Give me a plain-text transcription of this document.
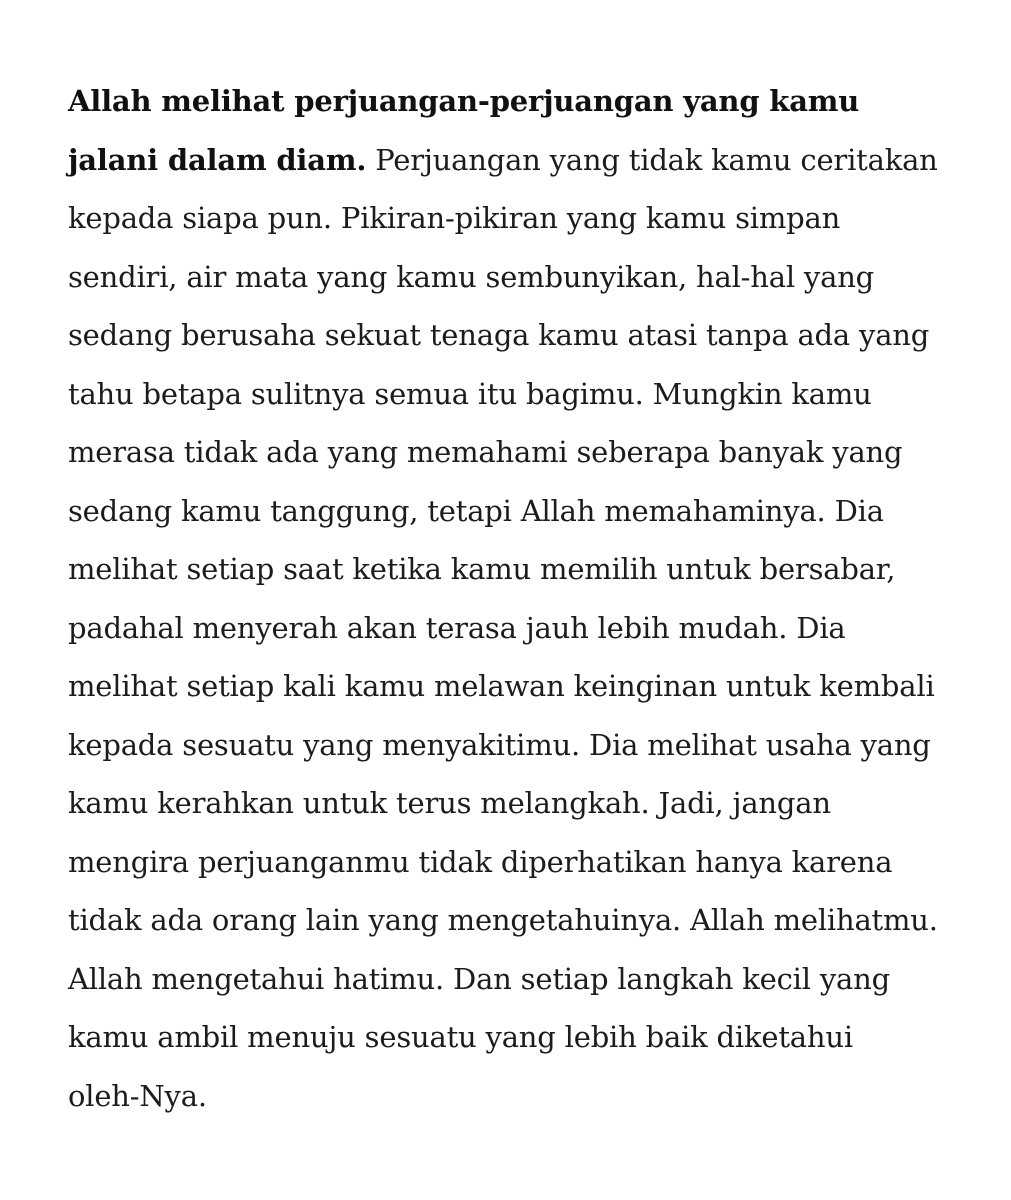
Allah melihat perjuangan-perjuangan yang kamu
jalani dalam diam. Perjuangan yang tidak kamu ceritakan
kepada siapa pun. Pikiran-pikiran yang kamu simpan
sendiri, air mata yang kamu sembunyikan, hal-hal yang
sedang berusaha sekuat tenaga kamu atasi tanpa ada yang
tahu betapa sulitnya semua itu bagimu. Mungkin kamu
merasa tidak ada yang memahami seberapa banyak yang
sedang kamu tanggung, tetapi Allah memahaminya. Dia
melihat setiap saat ketika kamu memilih untuk bersabar,
padahal menyerah akan terasa jauh lebih mudah. Dia
melihat setiap kali kamu melawan keinginan untuk kembali
kepada sesuatu yang menyakitimu. Dia melihat usaha yang
kamu kerahkan untuk terus melangkah. Jadi, jangan
mengira perjuanganmu tidak diperhatikan hanya karena
tidak ada orang lain yang mengetahuinya. Allah melihatmu.
Allah mengetahui hatimu. Dan setiap langkah kecil yang
kamu ambil menuju sesuatu yang lebih baik diketahui
oleh-Nya.
